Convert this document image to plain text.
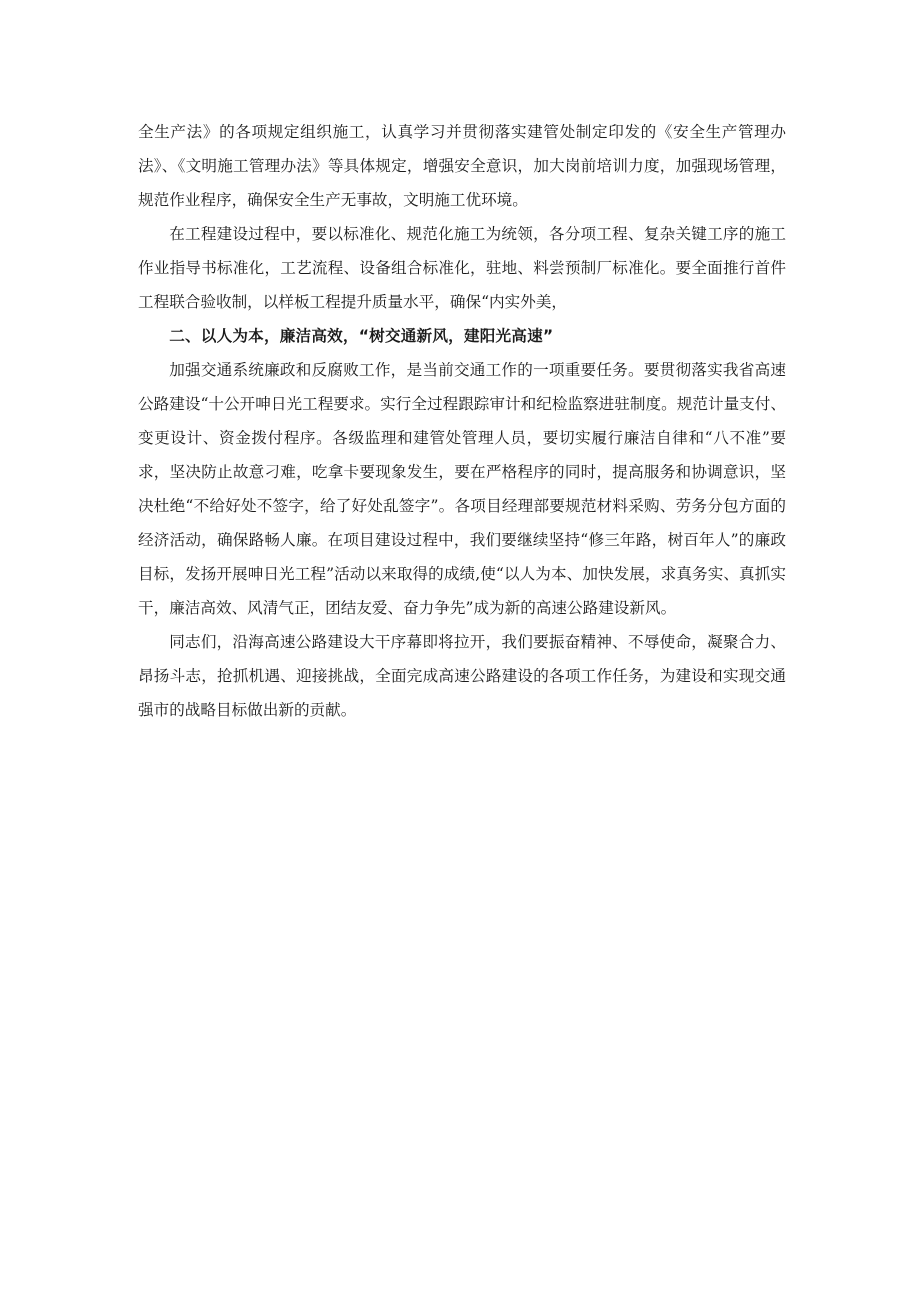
全生产法》的各项规定组织施工，认真学习并贯彻落实建管处制定印发的《安全生产管理办法》、《文明施工管理办法》等具体规定，增强安全意识，加大岗前培训力度，加强现场管理，规范作业程序，确保安全生产无事故，文明施工优环境。

在工程建设过程中，要以标准化、规范化施工为统领，各分项工程、复杂关键工序的施工作业指导书标准化，工艺流程、设备组合标准化，驻地、料尝预制厂标准化。要全面推行首件工程联合验收制，以样板工程提升质量水平，确保“内实外美，

二、以人为本，廉洁高效，“树交通新风，建阳光高速”

加强交通系统廉政和反腐败工作，是当前交通工作的一项重要任务。要贯彻落实我省高速公路建设“十公开呻日光工程要求。实行全过程跟踪审计和纪检监察进驻制度。规范计量支付、变更设计、资金拨付程序。各级监理和建管处管理人员，要切实履行廉洁自律和“八不准”要求，坚决防止故意刁难，吃拿卡要现象发生，要在严格程序的同时，提高服务和协调意识，坚决杜绝“不给好处不签字，给了好处乱签字”。各项目经理部要规范材料采购、劳务分包方面的经济活动，确保路畅人廉。在项目建设过程中，我们要继续坚持“修三年路，树百年人”的廉政目标，发扬开展呻日光工程”活动以来取得的成绩,使“以人为本、加快发展，求真务实、真抓实干，廉洁高效、风清气正，团结友爱、奋力争先”成为新的高速公路建设新风。

同志们，沿海高速公路建设大干序幕即将拉开，我们要振奋精神、不辱使命，凝聚合力、昂扬斗志，抢抓机遇、迎接挑战，全面完成高速公路建设的各项工作任务，为建设和实现交通强市的战略目标做出新的贡献。
